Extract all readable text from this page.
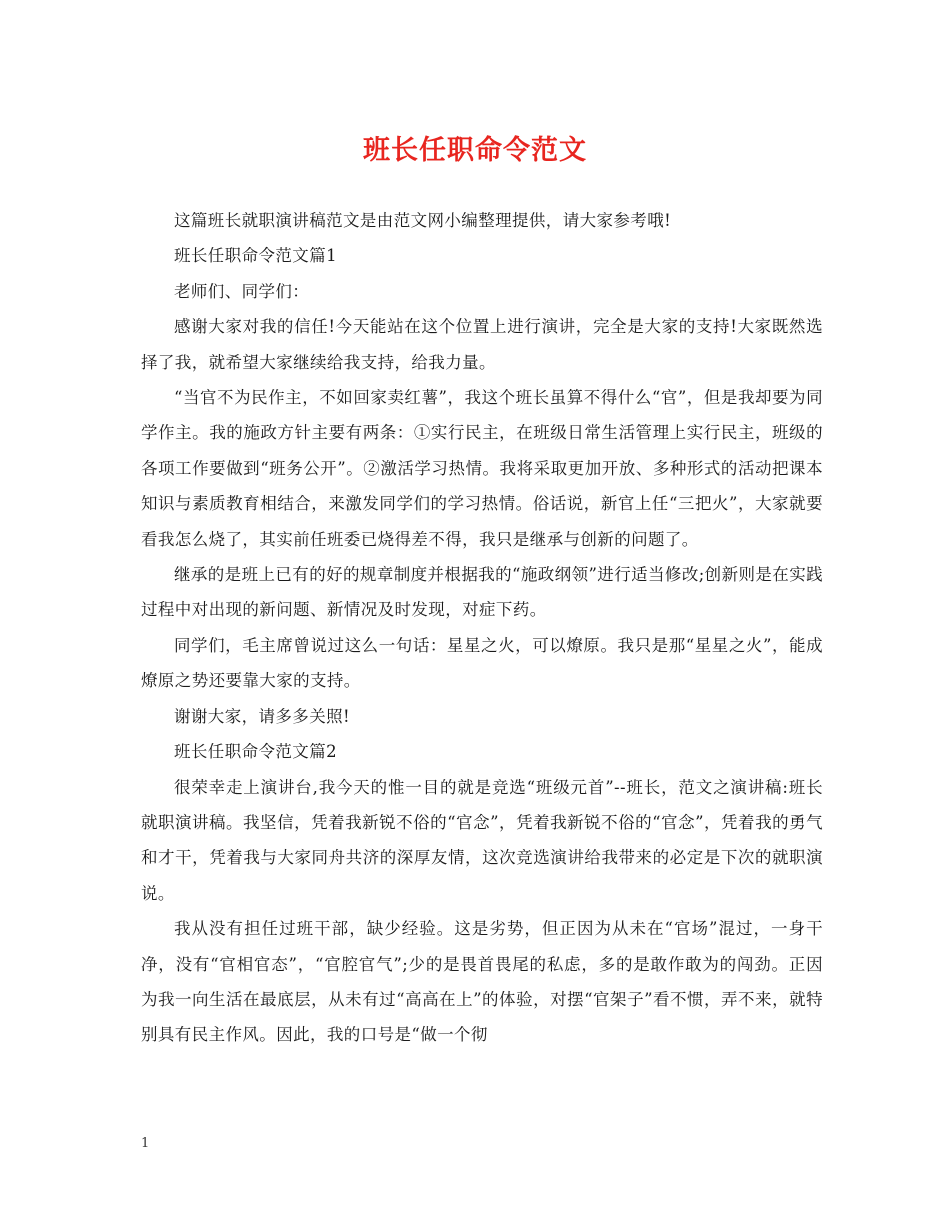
班长任职命令范文

这篇班长就职演讲稿范文是由范文网小编整理提供，请大家参考哦!

班长任职命令范文篇1

老师们、同学们：

感谢大家对我的信任!今天能站在这个位置上进行演讲，完全是大家的支持!大家既然选择了我，就希望大家继续给我支持，给我力量。

“当官不为民作主，不如回家卖红薯”，我这个班长虽算不得什么“官”，但是我却要为同学作主。我的施政方针主要有两条：①实行民主，在班级日常生活管理上实行民主，班级的各项工作要做到“班务公开”。②激活学习热情。我将采取更加开放、多种形式的活动把课本知识与素质教育相结合，来激发同学们的学习热情。俗话说，新官上任“三把火”，大家就要看我怎么烧了，其实前任班委已烧得差不得，我只是继承与创新的问题了。

继承的是班上已有的好的规章制度并根据我的“施政纲领”进行适当修改;创新则是在实践过程中对出现的新问题、新情况及时发现，对症下药。

同学们，毛主席曾说过这么一句话：星星之火，可以燎原。我只是那“星星之火”，能成燎原之势还要靠大家的支持。

谢谢大家，请多多关照!

班长任职命令范文篇2

很荣幸走上演讲台,我今天的惟一目的就是竞选“班级元首”--班长，范文之演讲稿:班长就职演讲稿。我坚信，凭着我新锐不俗的“官念”，凭着我新锐不俗的“官念”，凭着我的勇气和才干，凭着我与大家同舟共济的深厚友情，这次竞选演讲给我带来的必定是下次的就职演说。

我从没有担任过班干部，缺少经验。这是劣势，但正因为从未在“官场”混过，一身干净，没有“官相官态”，“官腔官气”;少的是畏首畏尾的私虑，多的是敢作敢为的闯劲。正因为我一向生活在最底层，从未有过“高高在上”的体验，对摆“官架子”看不惯，弄不来，就特别具有民主作风。因此，我的口号是“做一个彻

1
